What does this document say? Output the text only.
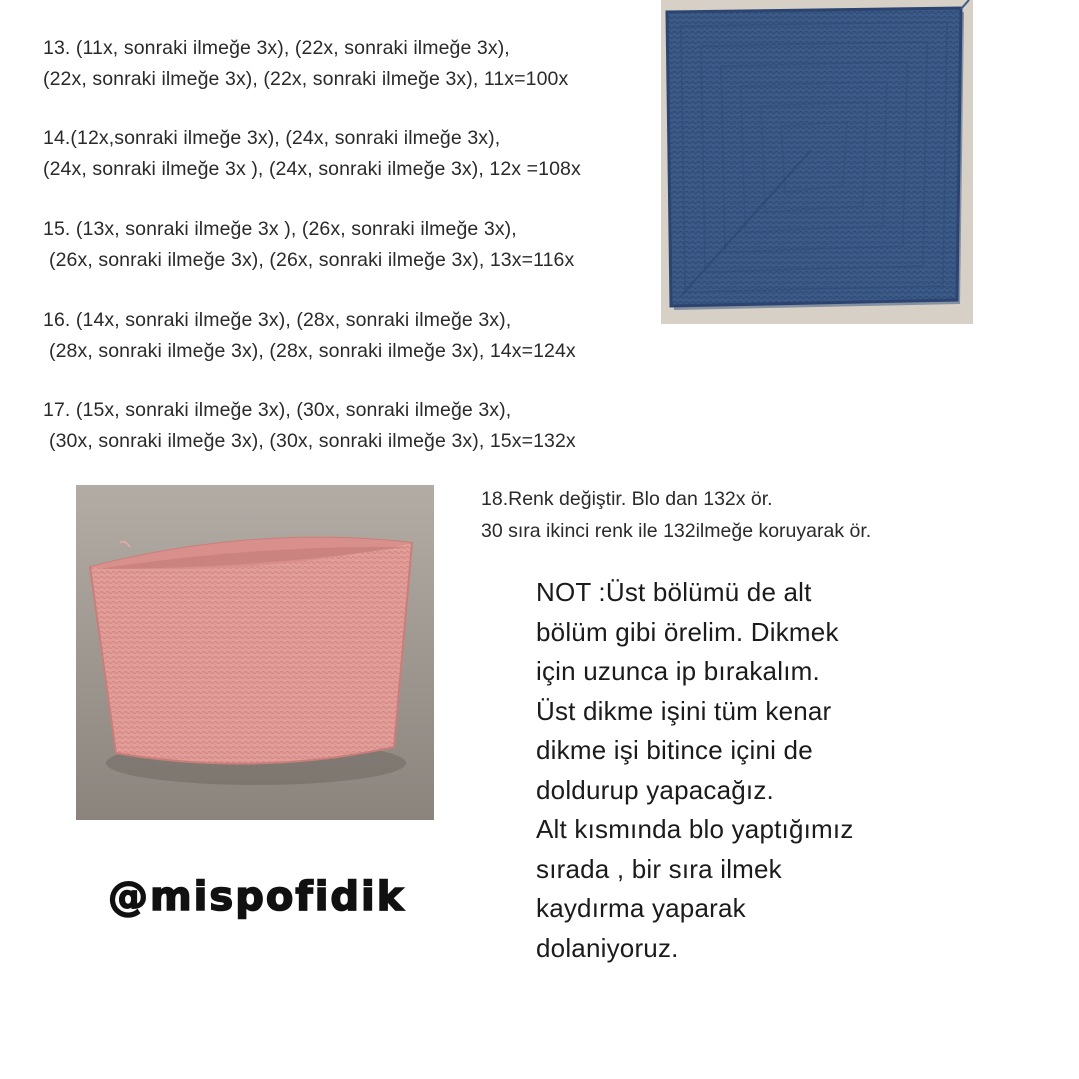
13. (11x, sonraki ilmeğe 3x), (22x, sonraki ilmeğe 3x),
(22x, sonraki ilmeğe 3x), (22x, sonraki ilmeğe 3x), 11x=100x
14.(12x,sonraki ilmeğe 3x), (24x, sonraki ilmeğe 3x),
(24x, sonraki ilmeğe 3x ), (24x, sonraki ilmeğe 3x), 12x =108x
15. (13x, sonraki ilmeğe 3x ), (26x, sonraki ilmeğe 3x),
(26x, sonraki ilmeğe 3x), (26x, sonraki ilmeğe 3x), 13x=116x
16. (14x, sonraki ilmeğe 3x), (28x, sonraki ilmeğe 3x),
(28x, sonraki ilmeğe 3x), (28x, sonraki ilmeğe 3x), 14x=124x
17. (15x, sonraki ilmeğe 3x), (30x, sonraki ilmeğe 3x),
(30x, sonraki ilmeğe 3x), (30x, sonraki ilmeğe 3x), 15x=132x
18.Renk değiştir. Blo dan 132x ör.
30 sıra ikinci renk ile 132ilmeğe koruyarak ör.
NOT :Üst bölümü de alt
bölüm gibi örelim. Dikmek
için uzunca ip bırakalım.
Üst dikme işini tüm kenar
dikme işi bitince içini de
doldurup yapacağız.
Alt kısmında blo yaptığımız
sırada , bir sıra ilmek
kaydırma yaparak
dolaniyoruz.
@mispofidik
